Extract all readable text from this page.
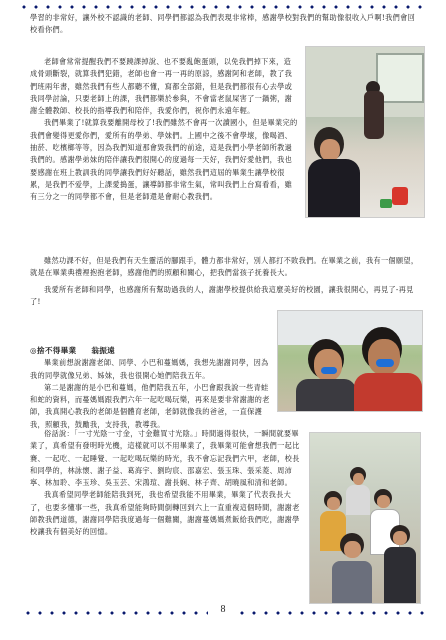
學習的非常好，讓外校不認識的老師、同學們都認為我們表現非常棒，感謝學校對我們的幫助像很收入戶啊!我們會回校看你們。

老師會常常提醒我們不要蹺課掉說、也不要亂飽蛋頭，以免我們掉下來，造成骨頭斷裂，就算我們犯錯，老師也會一再一再的原諒，感謝阿和老師，教了我們班兩年書，雖然我們有些人都聽不懂，寫都全部錯，但是我們都很有心去學或我同學討論，只要老師上的課，我們都樂於參與，不會當老鼠屎害了一鍋粥，謝謝全體教師、校長的指導我們和陪伴，我愛你們，祝你們永遠年輕。

我們畢業了!就算我要離開母校了!我們雖然不會再一次讀國小，但是畢業完的我們會變得更愛你們，愛所有的學弟、學妹們。上國中之後不會學壞，像喝酒、抽菸、吃檳榔等等，因為我們知道那會毀我們的前途，這是我們小學老師所教過我們的。感謝學弟妹的陪伴讓我們很開心的度過每一天好，我們好愛他們，我也要感謝在班上教訓我的同學讓我們好好聽話，雖然我們這屆的畢業生讓學校很累，是我們不爱學，上課愛搗蛋，讓導師都非常生氣，常叫我們上台寫看看，雖有三分之一的同學都不會，但是老師還是會耐心教我們。

雖然功課不好，但是我們有天生靈活的腳跟手，體力都非常好，別人都打不敗我們。在畢業之前，我有一個願望，就是在畢業典禮裡抱抱老師，感謝他們的照顧和關心，把我們當孩子抚養長大。

我愛所有老師和同學，也感謝所有幫助過我的人，謝謝學校提供給我這麼美好的校園，讓我很開心，再見了-再見了!

◎捨不得畢業 翁振遠

畢業前想說謝謝老師、同學、小巴和蔓媽媽，我想先謝謝同學，因為我的同學就像兄弟、姊妹，我也很開心她們陪我五年。

第二是謝謝的是小巴和蔓媽，他們陪我五年，小巴會跟我說一些青蛙和蛇的資料，而蔓媽媽跟我們六年一起吃喝玩樂，再來是要非常謝謝的老師，我真開心教我的老師是個體育老師，老師就像我的爸爸，一直保護我，照顧我，鼓勵我，支持我，教導我。

俗話說：「一寸光陰一寸金，寸金難買寸光陰。」時間過得很快，一瞬間就要畢業了，真希望有發明時光機，這樣就可以不用畢業了，我畢業可能會想我們一起比賽、一起吃、一起睡覺、一起吃喝玩樂的時光，我不會忘記我們六甲，老師，校長和同學的，林詠懷、謝子益、葛海宇、劉昀宸、邵嘉宏、張玉珠、張采菱、周沛寧、林加聆、李玉珍、吳玉芸、宋鴻瑄、謝長娴、林子齊、胡曉風和清和老師。

我真希望同學老師能陪我到死，我也希望我能不用畢業，畢業了代表我長大了，也要多懂事一些，我真希望能夠時間倒轉回到六上一直重複這個時間，謝謝老師教我們道德，謝謝同學陪我度過每一個難關，謝謝蔓媽媽煮飯給我們吃，謝謝學校讓我有個美好的回憶。

8
